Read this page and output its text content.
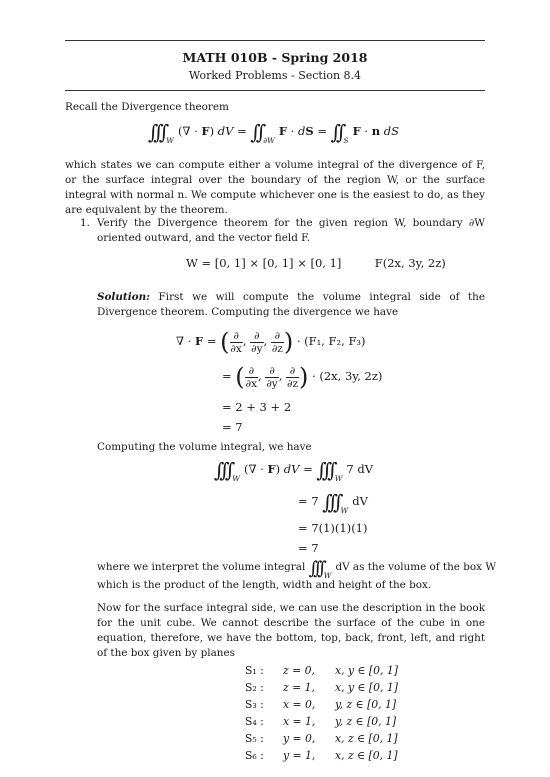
MATH 010B - Spring 2018
Worked Problems - Section 8.4
Recall the Divergence theorem
∫∫∫ $_W$(∇ · F) dV = ∫∫ $_{\partial W}$F · dS = ∫∫ $_S$F · n dS
which states we can compute either a volume integral of the divergence of F, or the surface integral over the boundary of the region W, or the surface integral with normal n. We compute whichever one is the easiest to do, as they are equivalent by the theorem.
1. Verify the Divergence theorem for the given region W, boundary ∂W oriented outward, and the vector field F.
W = [0, 1] × [0, 1] × [0, 1]	F(2x, 3y, 2z)
Solution: First we will compute the volume integral side of the Divergence theorem. Computing the divergence we have
∇ · F = ( $\frac{\partial}{\partial x}$ , $\frac{\partial}{\partial y}$ , $\frac{\partial}{\partial z}$ ) · (F₁, F₂, F₃)
= ( $\frac{\partial}{\partial x}$ , $\frac{\partial}{\partial y}$ , $\frac{\partial}{\partial z}$ ) · (2x, 3y, 2z)
= 2 + 3 + 2
= 7
Computing the volume integral, we have
∫∫∫ $_W$(∇ · F) dV = ∫∫∫ $_W$7 dV
= 7 ∫∫∫ $_W$dV
= 7(1)(1)(1)
= 7
where we interpret the volume integral ∫∫∫ $_W$dV as the volume of the box W
which is the product of the length, width and height of the box.
Now for the surface integral side, we can use the description in the book for the unit cube. We cannot describe the surface of the cube in one equation, therefore, we have the bottom, top, back, front, left, and right of the box given by planes
S₁ : z = 0, x, y ∈ [0, 1]
S₂ : z = 1, x, y ∈ [0, 1]
S₃ : x = 0, y, z ∈ [0, 1]
S₄ : x = 1, y, z ∈ [0, 1]
S₅ : y = 0, x, z ∈ [0, 1]
S₆ : y = 1, x, z ∈ [0, 1]
